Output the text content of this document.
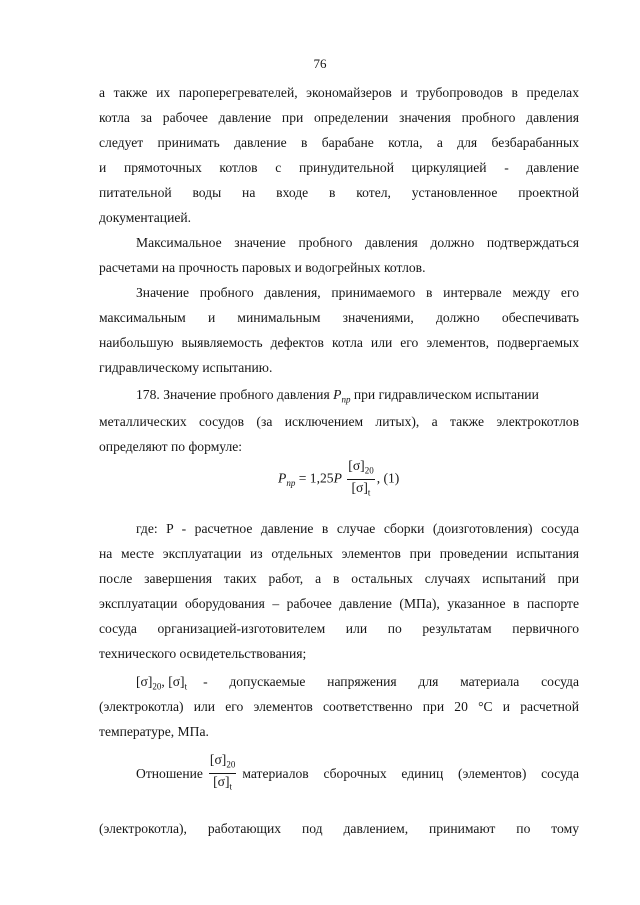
76
а также их пароперегревателей, экономайзеров и трубопроводов в пределах
котла за рабочее давление при определении значения пробного давления
следует принимать давление в барабане котла, а для безбарабанных
и прямоточных котлов с принудительной циркуляцией - давление
питательной воды на входе в котел, установленное проектной
документацией.
Максимальное значение пробного давления должно подтверждаться
расчетами на прочность паровых и водогрейных котлов.
Значение пробного давления, принимаемого в интервале между его
максимальным и минимальным значениями, должно обеспечивать
наибольшую выявляемость дефектов котла или его элементов, подвергаемых
гидравлическому испытанию.
178. Значение пробного давления $P_{пр}$ при гидравлическом испытании
металлических сосудов (за исключением литых), а также электрокотлов
определяют по формуле:
$P_{пр} = 1,25P \frac{[\sigma]_{20}}{[\sigma]_t}$ , (1)
где: P - расчетное давление в случае сборки (доизготовления) сосуда
на месте эксплуатации из отдельных элементов при проведении испытания
после завершения таких работ, а в остальных случаях испытаний при
эксплуатации оборудования – рабочее давление (МПа), указанное в паспорте
сосуда организацией-изготовителем или по результатам первичного
технического освидетельствования;
$[\sigma]_{20}$, $[\sigma]_t$ - допускаемые напряжения для материала сосуда
(электрокотла) или его элементов соответственно при 20 °С и расчетной
температуре, МПа.
Отношение $\frac{[\sigma]_{20}}{[\sigma]_t}$ материалов сборочных единиц (элементов) сосуда
(электрокотла), работающих под давлением, принимают по тому
